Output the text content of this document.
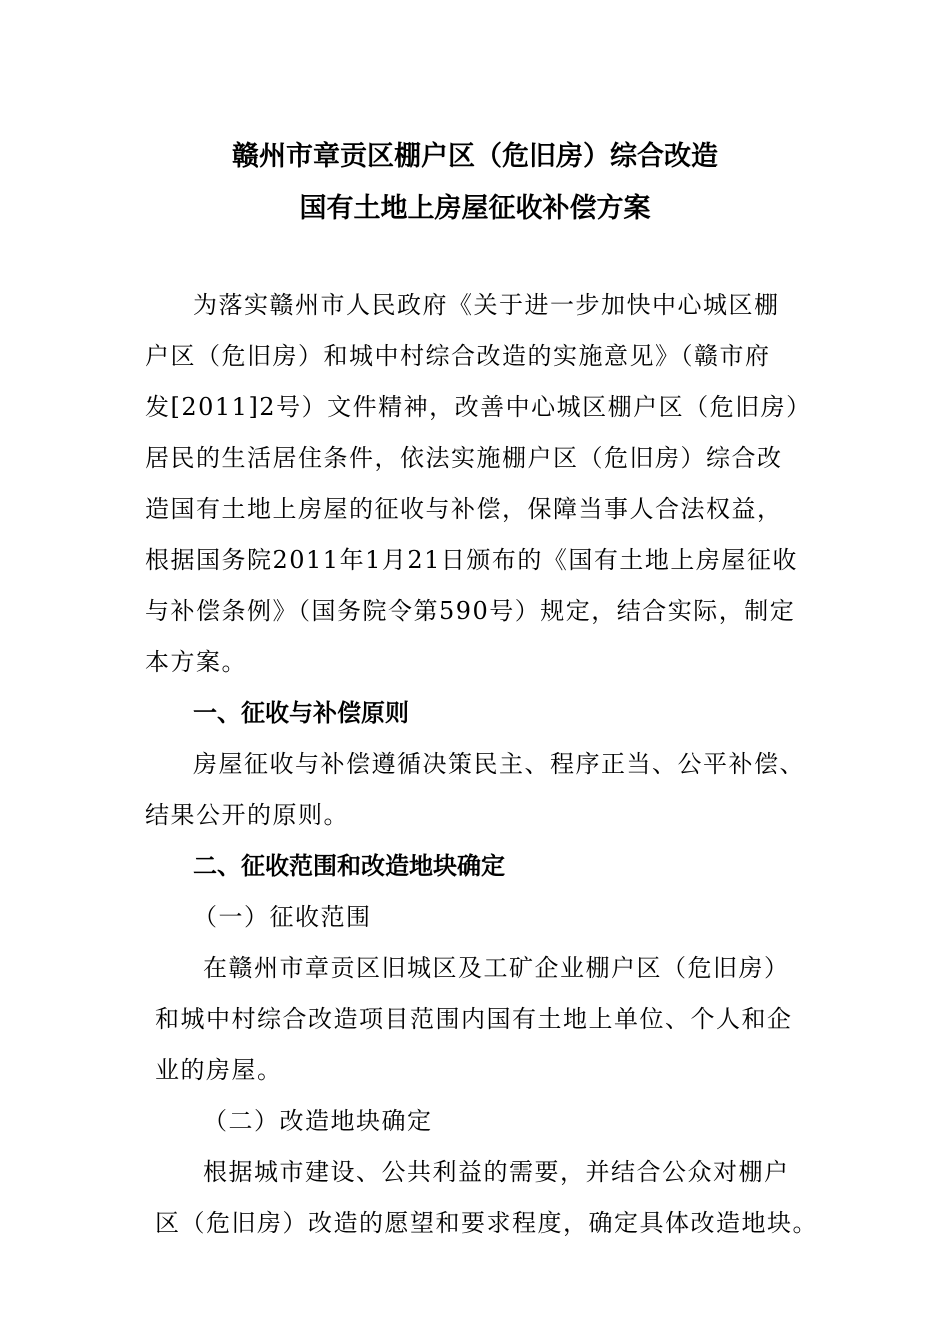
赣州市章贡区棚户区（危旧房）综合改造
国有土地上房屋征收补偿方案
为落实赣州市人民政府《关于进一步加快中心城区棚
户区（危旧房）和城中村综合改造的实施意见》（赣市府
发[2011]2号）文件精神，改善中心城区棚户区（危旧房）
居民的生活居住条件，依法实施棚户区（危旧房）综合改
造国有土地上房屋的征收与补偿，保障当事人合法权益，
根据国务院2011年1月21日颁布的《国有土地上房屋征收
与补偿条例》（国务院令第590号）规定，结合实际，制定
本方案。
一、征收与补偿原则
房屋征收与补偿遵循决策民主、程序正当、公平补偿、
结果公开的原则。
二、征收范围和改造地块确定
（一）征收范围
在赣州市章贡区旧城区及工矿企业棚户区（危旧房）
和城中村综合改造项目范围内国有土地上单位、个人和企
业的房屋。
（二）改造地块确定
根据城市建设、公共利益的需要，并结合公众对棚户
区（危旧房）改造的愿望和要求程度，确定具体改造地块。
